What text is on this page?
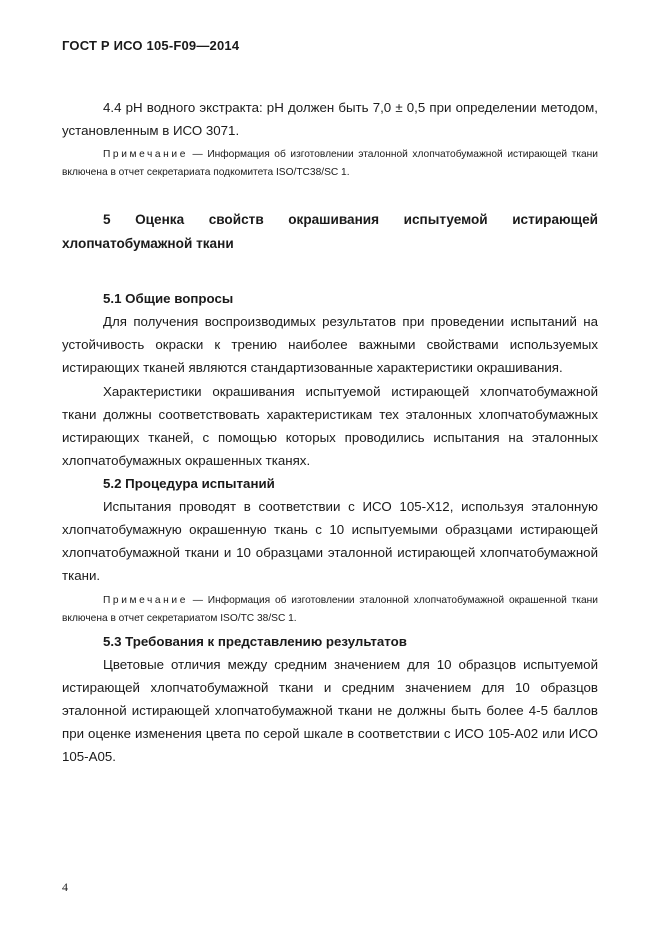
ГОСТ Р ИСО 105-F09—2014

4.4 pH водного экстракта: pH должен быть 7,0 ± 0,5 при определении методом, установленным в ИСО 3071.

Примечание — Информация об изготовлении эталонной хлопчатобумажной истирающей ткани включена в отчет секретариата подкомитета ISO/TC38/SC 1.

5 Оценка свойств окрашивания испытуемой истирающей
хлопчатобумажной ткани

5.1 Общие вопросы

Для получения воспроизводимых результатов при проведении испытаний на устойчивость окраски к трению наиболее важными свойствами используемых истирающих тканей являются стандартизованные характеристики окрашивания.

Характеристики окрашивания испытуемой истирающей хлопчатобумажной ткани должны соответствовать характеристикам тех эталонных хлопчатобумажных истирающих тканей, с помощью которых проводились испытания на эталонных хлопчатобумажных окрашенных тканях.

5.2 Процедура испытаний

Испытания проводят в соответствии с ИСО 105-Х12, используя эталонную хлопчатобумажную окрашенную ткань с 10 испытуемыми образцами истирающей хлопчатобумажной ткани и 10 образцами эталонной истирающей хлопчатобумажной ткани.

Примечание — Информация об изготовлении эталонной хлопчатобумажной окрашенной ткани включена в отчет секретариатом ISO/TC 38/SC 1.

5.3 Требования к представлению результатов

Цветовые отличия между средним значением для 10 образцов испытуемой истирающей хлопчатобумажной ткани и средним значением для 10 образцов эталонной истирающей хлопчатобумажной ткани не должны быть более 4-5 баллов при оценке изменения цвета по серой шкале в соответствии с ИСО 105-А02 или ИСО 105-А05.

4
